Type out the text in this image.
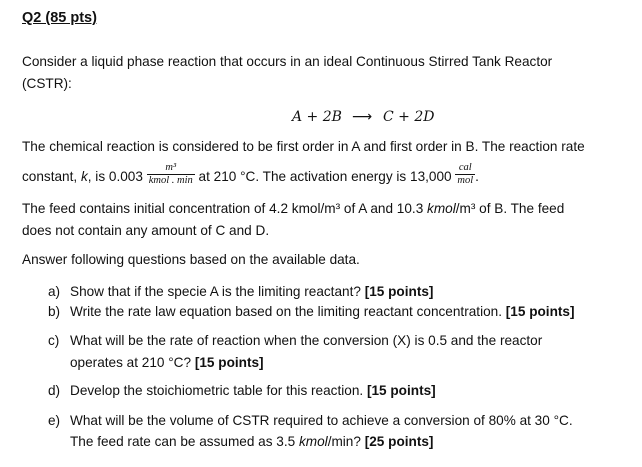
Q2 (85 pts)
Consider a liquid phase reaction that occurs in an ideal Continuous Stirred Tank Reactor
(CSTR):
A + 2B ⟶ C + 2D
The chemical reaction is considered to be first order in A and first order in B. The reaction rate
constant, k, is $0.003 \frac{\text{m³}}{\text{kmol . min}}$ at 210 °C. The activation energy is $13,000 \frac{\text{cal}}{\text{mol}}$ .
The feed contains initial concentration of 4.2 kmol/m³ of A and 10.3 kmol/m³ of B. The feed
does not contain any amount of C and D.
Answer following questions based on the available data.
a) Show that if the specie A is the limiting reactant? [15 points]
b) Write the rate law equation based on the limiting reactant concentration. [15 points]
c) What will be the rate of reaction when the conversion (X) is 0.5 and the reactor
operates at 210 °C? [15 points]
d) Develop the stoichiometric table for this reaction. [15 points]
e) What will be the volume of CSTR required to achieve a conversion of 80% at 30 °C.
The feed rate can be assumed as 3.5 kmol/min? [25 points]
